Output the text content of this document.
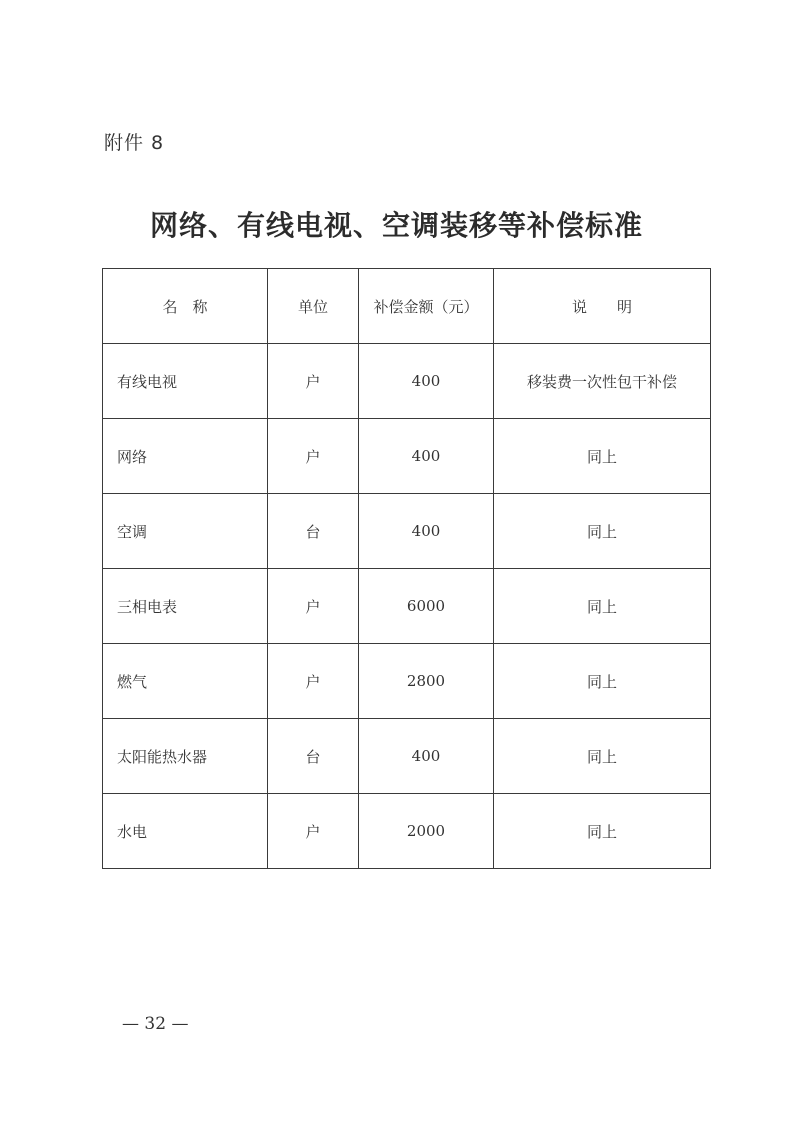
附件 8
网络、有线电视、空调装移等补偿标准
名　称	单位	补偿金额（元）	说　　明
有线电视	户	400	移装费一次性包干补偿
网络	户	400	同上
空调	台	400	同上
三相电表	户	6000	同上
燃气	户	2800	同上
太阳能热水器	台	400	同上
水电	户	2000	同上
— 32 —
